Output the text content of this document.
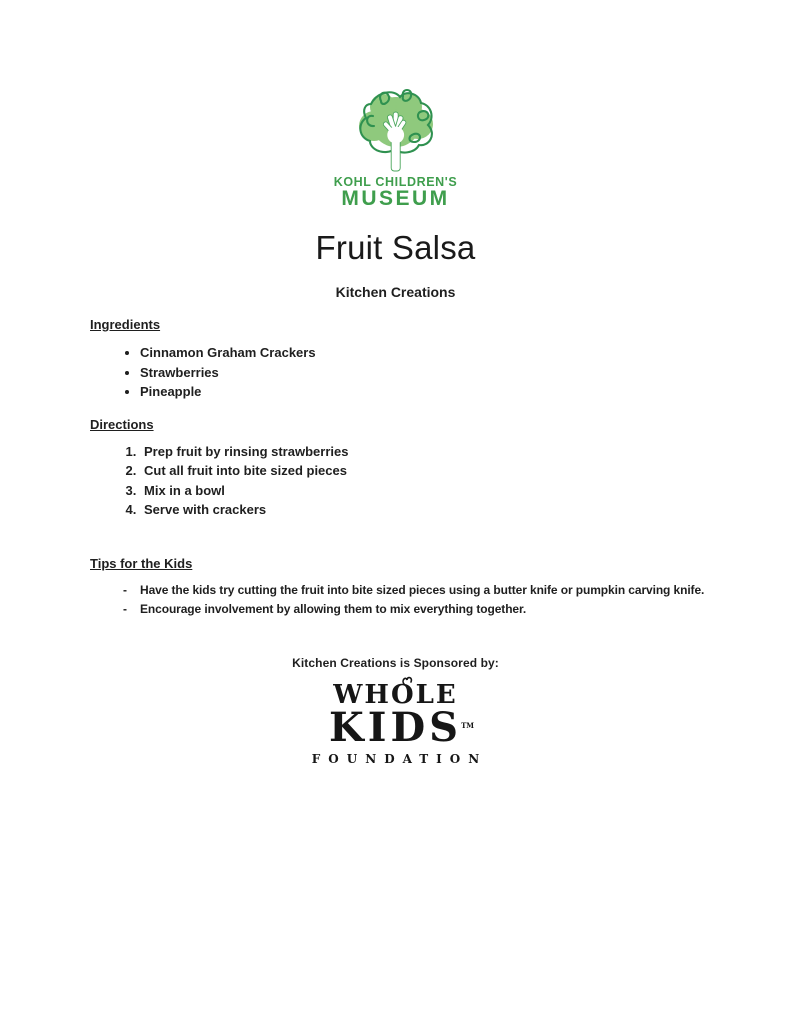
KOHL CHILDREN'S
MUSEUM
Fruit Salsa
Kitchen Creations
Ingredients
• Cinnamon Graham Crackers
• Strawberries
• Pineapple
Directions
1. Prep fruit by rinsing strawberries
2. Cut all fruit into bite sized pieces
3. Mix in a bowl
4. Serve with crackers
Tips for the Kids
- Have the kids try cutting the fruit into bite sized pieces using a butter knife or pumpkin carving knife.
- Encourage involvement by allowing them to mix everything together.
Kitchen Creations is Sponsored by:
WHOLE
KIDS TM
FOUNDATION
